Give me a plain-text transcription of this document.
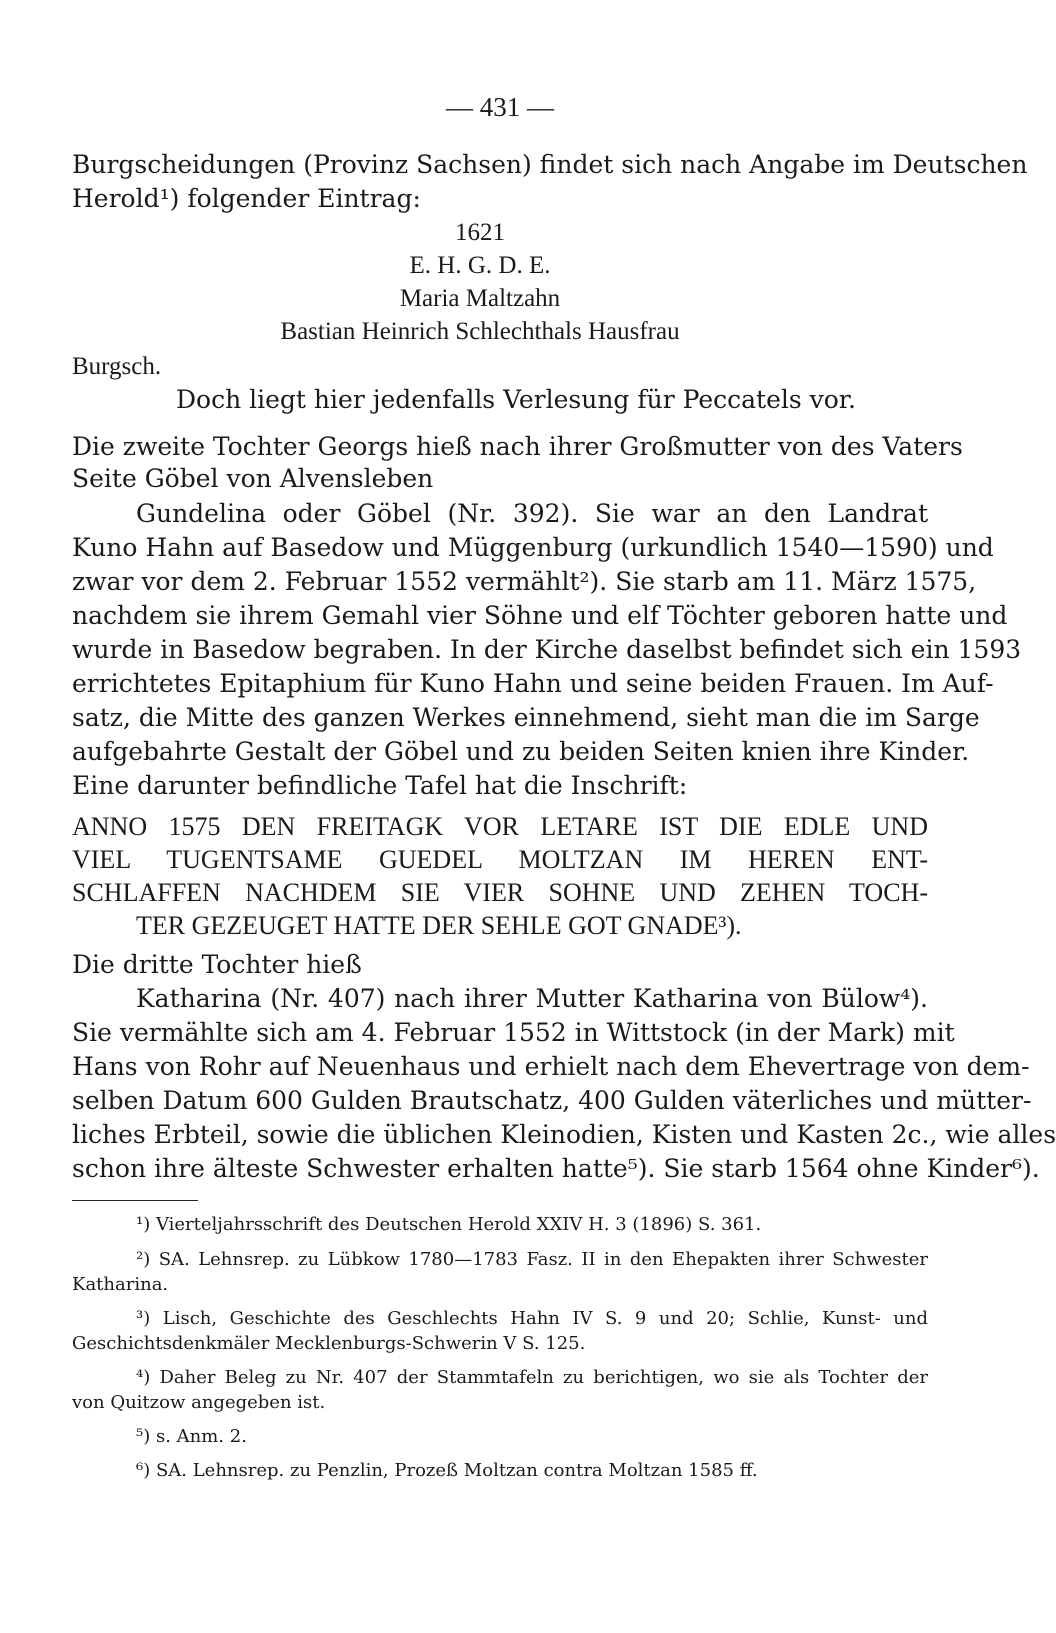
— 431 —
Burgscheidungen (Provinz Sachsen) findet sich nach Angabe im Deutschen
Herold¹) folgender Eintrag:
1621
E. H. G. D. E.
Maria Maltzahn
Bastian Heinrich Schlechthals Hausfrau
Burgsch.
Doch liegt hier jedenfalls Verlesung für Peccatels vor.
Die zweite Tochter Georgs hieß nach ihrer Großmutter von des Vaters
Seite Göbel von Alvensleben
Gundelina oder Göbel (Nr. 392). Sie war an den Landrat
Kuno Hahn auf Basedow und Müggenburg (urkundlich 1540—1590) und
zwar vor dem 2. Februar 1552 vermählt²). Sie starb am 11. März 1575,
nachdem sie ihrem Gemahl vier Söhne und elf Töchter geboren hatte und
wurde in Basedow begraben. In der Kirche daselbst befindet sich ein 1593
errichtetes Epitaphium für Kuno Hahn und seine beiden Frauen. Im Auf-
satz, die Mitte des ganzen Werkes einnehmend, sieht man die im Sarge
aufgebahrte Gestalt der Göbel und zu beiden Seiten knien ihre Kinder.
Eine darunter befindliche Tafel hat die Inschrift:
ANNO 1575 DEN FREITAGK VOR LETARE IST DIE EDLE UND
VIEL TUGENTSAME GUEDEL MOLTZAN IM HEREN ENT-
SCHLAFFEN NACHDEM SIE VIER SOHNE UND ZEHEN TOCH-
TER GEZEUGET HATTE DER SEHLE GOT GNADE³).
Die dritte Tochter hieß
Katharina (Nr. 407) nach ihrer Mutter Katharina von Bülow⁴).
Sie vermählte sich am 4. Februar 1552 in Wittstock (in der Mark) mit
Hans von Rohr auf Neuenhaus und erhielt nach dem Ehevertrage von dem-
selben Datum 600 Gulden Brautschatz, 400 Gulden väterliches und mütter-
liches Erbteil, sowie die üblichen Kleinodien, Kisten und Kasten 2c., wie alles
schon ihre älteste Schwester erhalten hatte⁵). Sie starb 1564 ohne Kinder⁶).
¹) Vierteljahrsschrift des Deutschen Herold XXIV H. 3 (1896) S. 361.
²) SA. Lehnsrep. zu Lübkow 1780—1783 Fasz. II in den Ehepakten ihrer Schwester
Katharina.
³) Lisch, Geschichte des Geschlechts Hahn IV S. 9 und 20; Schlie, Kunst- und
Geschichtsdenkmäler Mecklenburgs-Schwerin V S. 125.
⁴) Daher Beleg zu Nr. 407 der Stammtafeln zu berichtigen, wo sie als Tochter der
von Quitzow angegeben ist.
⁵) s. Anm. 2.
⁶) SA. Lehnsrep. zu Penzlin, Prozeß Moltzan contra Moltzan 1585 ff.
